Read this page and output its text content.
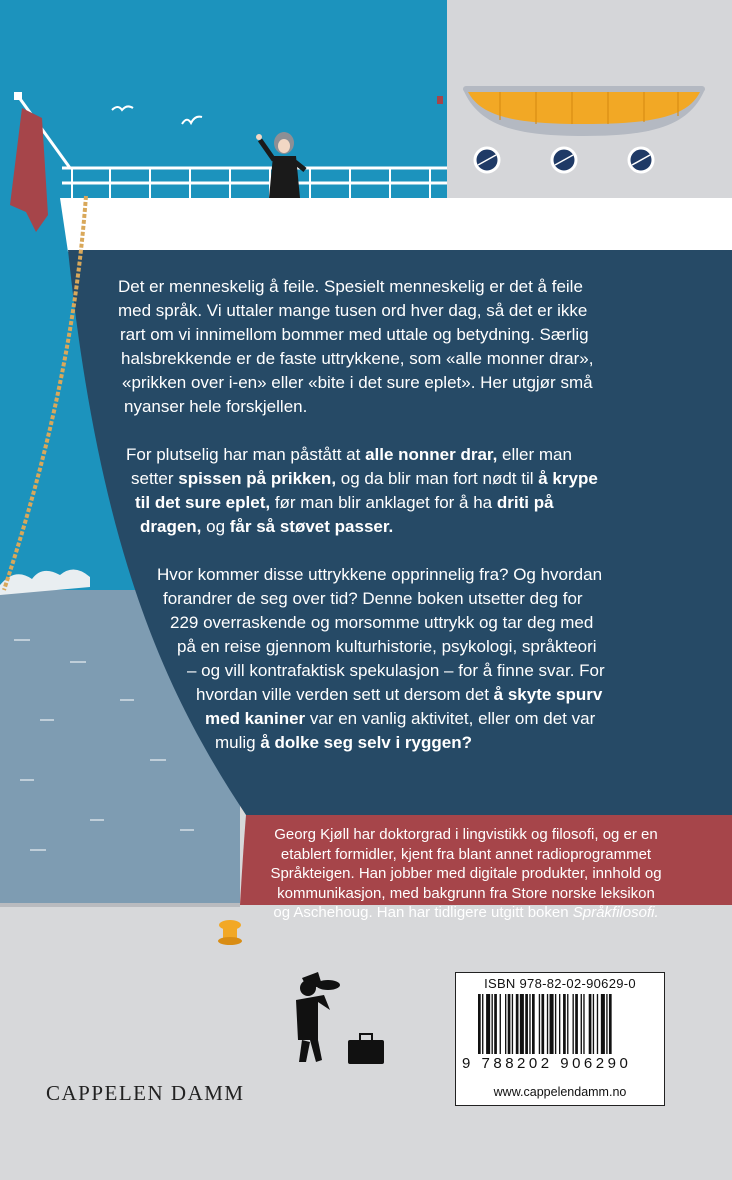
Det er menneskelig å feile. Spesielt menneskelig er det å feile
med språk. Vi uttaler mange tusen ord hver dag, så det er ikke
rart om vi innimellom bommer med uttale og betydning. Særlig
halsbrekkende er de faste uttrykkene, som «alle monner drar»,
«prikken over i-en» eller «bite i det sure eplet». Her utgjør små
nyanser hele forskjellen.
For plutselig har man påstått at alle nonner drar, eller man
setter spissen på prikken, og da blir man fort nødt til å krype
til det sure eplet, før man blir anklaget for å ha driti på
dragen, og får så støvet passer.
Hvor kommer disse uttrykkene opprinnelig fra? Og hvordan
forandrer de seg over tid? Denne boken utsetter deg for
229 overraskende og morsomme uttrykk og tar deg med
på en reise gjennom kulturhistorie, psykologi, språkteori
– og vill kontrafaktisk spekulasjon – for å finne svar. For
hvordan ville verden sett ut dersom det å skyte spurv
med kaniner var en vanlig aktivitet, eller om det var
mulig å dolke seg selv i ryggen?
Georg Kjøll har doktorgrad i lingvistikk og filosofi, og er en
etablert formidler, kjent fra blant annet radioprogrammet
Språkteigen. Han jobber med digitale produkter, innhold og
kommunikasjon, med bakgrunn fra Store norske leksikon
og Aschehoug. Han har tidligere utgitt boken Språkfilosofi.
ISBN 978-82-02-90629-0
9 788202 906290
www.cappelendamm.no
CAPPELEN DAMM
